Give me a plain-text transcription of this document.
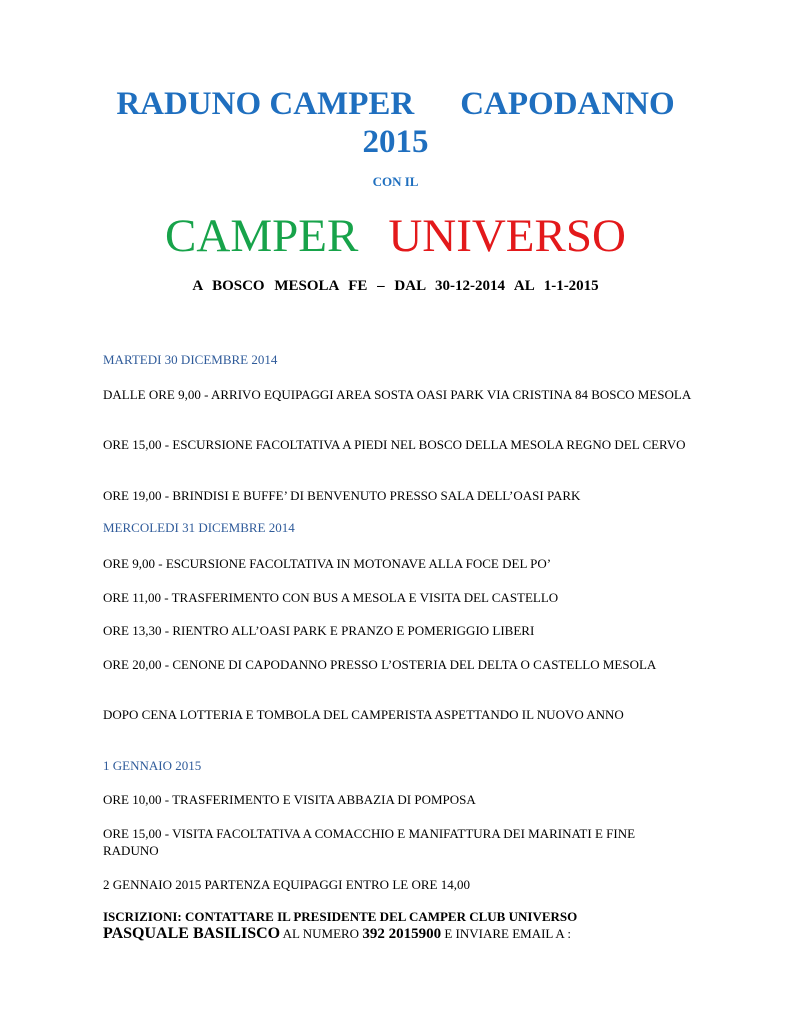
RADUNO CAMPER CAPODANNO
2015
CON IL
CAMPER UNIVERSO
A BOSCO MESOLA FE – DAL 30-12-2014 AL 1-1-2015
MARTEDI 30 DICEMBRE 2014
DALLE ORE 9,00 - ARRIVO EQUIPAGGI AREA SOSTA OASI PARK VIA CRISTINA 84 BOSCO MESOLA
ORE 15,00 - ESCURSIONE FACOLTATIVA A PIEDI NEL BOSCO DELLA MESOLA REGNO DEL CERVO
ORE 19,00 - BRINDISI E BUFFE’ DI BENVENUTO PRESSO SALA DELL’OASI PARK
MERCOLEDI 31 DICEMBRE 2014
ORE 9,00 - ESCURSIONE FACOLTATIVA IN MOTONAVE ALLA FOCE DEL PO’
ORE 11,00 - TRASFERIMENTO CON BUS A MESOLA E VISITA DEL CASTELLO
ORE 13,30 - RIENTRO ALL’OASI PARK E PRANZO E POMERIGGIO LIBERI
ORE 20,00 - CENONE DI CAPODANNO PRESSO L’OSTERIA DEL DELTA O CASTELLO MESOLA
DOPO CENA LOTTERIA E TOMBOLA DEL CAMPERISTA ASPETTANDO IL NUOVO ANNO
1 GENNAIO 2015
ORE 10,00 - TRASFERIMENTO E VISITA ABBAZIA DI POMPOSA
ORE 15,00 - VISITA FACOLTATIVA A COMACCHIO E MANIFATTURA DEI MARINATI E FINE RADUNO
2 GENNAIO 2015 PARTENZA EQUIPAGGI ENTRO LE ORE 14,00
ISCRIZIONI: CONTATTARE IL PRESIDENTE DEL CAMPER CLUB UNIVERSO
PASQUALE BASILISCO AL NUMERO 392 2015900 E INVIARE EMAIL A :
